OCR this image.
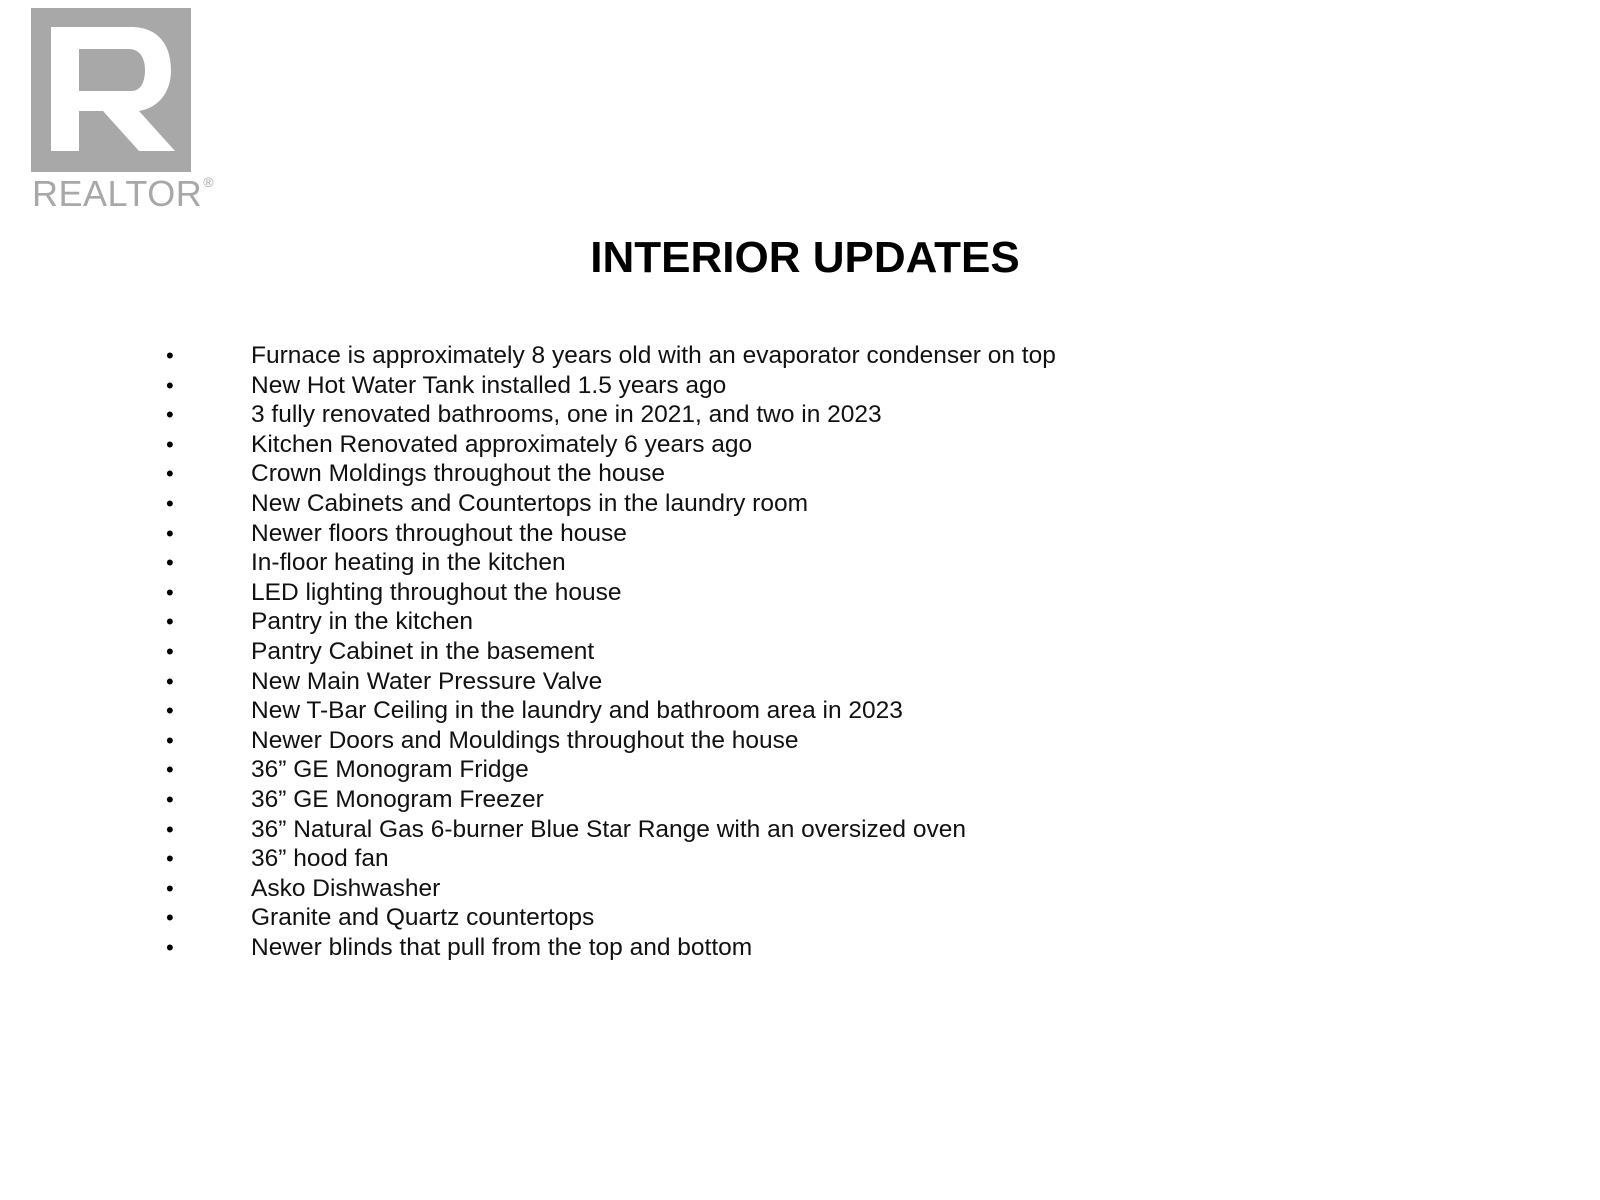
REALTOR®
INTERIOR UPDATES
•	Furnace is approximately 8 years old with an evaporator condenser on top
•	New Hot Water Tank installed 1.5 years ago
•	3 fully renovated bathrooms, one in 2021, and two in 2023
•	Kitchen Renovated approximately 6 years ago
•	Crown Moldings throughout the house
•	New Cabinets and Countertops in the laundry room
•	Newer floors throughout the house
•	In-floor heating in the kitchen
•	LED lighting throughout the house
•	Pantry in the kitchen
•	Pantry Cabinet in the basement
•	New Main Water Pressure Valve
•	New T-Bar Ceiling in the laundry and bathroom area in 2023
•	Newer Doors and Mouldings throughout the house
•	36” GE Monogram Fridge
•	36” GE Monogram Freezer
•	36” Natural Gas 6-burner Blue Star Range with an oversized oven
•	36” hood fan
•	Asko Dishwasher
•	Granite and Quartz countertops
•	Newer blinds that pull from the top and bottom
